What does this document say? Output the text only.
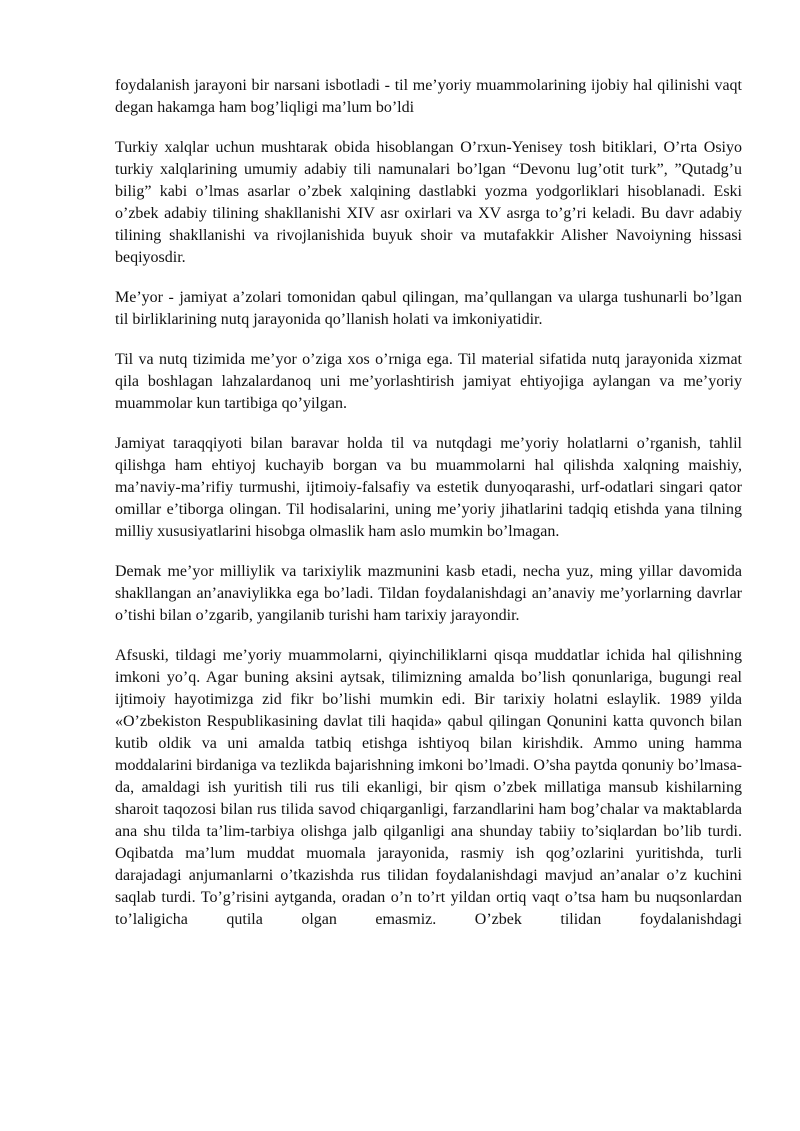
foydalanish jarayoni bir narsani isbotladi - til me’yoriy muammolarining ijobiy hal qilinishi vaqt degan hakamga ham bog’liqligi ma’lum bo’ldi

Turkiy xalqlar uchun mushtarak obida hisoblangan O’rxun-Yenisey tosh bitiklari, O’rta Osiyo turkiy xalqlarining umumiy adabiy tili namunalari bo’lgan “Devonu lug’otit turk”, ”Qutadg’u bilig” kabi o’lmas asarlar o’zbek xalqining dastlabki yozma yodgorliklari hisoblanadi. Eski o’zbek adabiy tilining shakllanishi XIV asr oxirlari va XV asrga to’g’ri keladi. Bu davr adabiy tilining shakllanishi va rivojlanishida buyuk shoir va mutafakkir Alisher Navoiyning hissasi beqiyosdir.

Me’yor - jamiyat a’zolari tomonidan qabul qilingan, ma’qullangan va ularga tushunarli bo’lgan til birliklarining nutq jarayonida qo’llanish holati va imkoniyatidir.

Til va nutq tizimida me’yor o’ziga xos o’rniga ega. Til material sifatida nutq jarayonida xizmat qila boshlagan lahzalardanoq uni me’yorlashtirish jamiyat ehtiyojiga aylangan va me’yoriy muammolar kun tartibiga qo’yilgan.

Jamiyat taraqqiyoti bilan baravar holda til va nutqdagi me’yoriy holatlarni o’rganish, tahlil qilishga ham ehtiyoj kuchayib borgan va bu muammolarni hal qilishda xalqning maishiy, ma’naviy-ma’rifiy turmushi, ijtimoiy-falsafiy va estetik dunyoqarashi, urf-odatlari singari qator omillar e’tiborga olingan. Til hodisalarini, uning me’yoriy jihatlarini tadqiq etishda yana tilning milliy xususiyatlarini hisobga olmaslik ham aslo mumkin bo’lmagan.

Demak me’yor milliylik va tarixiylik mazmunini kasb etadi, necha yuz, ming yillar davomida shakllangan an’anaviylikka ega bo’ladi. Tildan foydalanishdagi an’anaviy me’yorlarning davrlar o’tishi bilan o’zgarib, yangilanib turishi ham tarixiy jarayondir.

Afsuski, tildagi me’yoriy muammolarni, qiyinchiliklarni qisqa muddatlar ichida hal qilishning imkoni yo’q. Agar buning aksini aytsak, tilimizning amalda bo’lish qonunlariga, bugungi real ijtimoiy hayotimizga zid fikr bo’lishi mumkin edi. Bir tarixiy holatni eslaylik. 1989 yilda «O’zbekiston Respublikasining davlat tili haqida» qabul qilingan Qonunini katta quvonch bilan kutib oldik va uni amalda tatbiq etishga ishtiyoq bilan kirishdik. Ammo uning hamma moddalarini birdaniga va tezlikda bajarishning imkoni bo’lmadi. O’sha paytda qonuniy bo’lmasa-da, amaldagi ish yuritish tili rus tili ekanligi, bir qism o’zbek millatiga mansub kishilarning sharoit taqozosi bilan rus tilida savod chiqarganligi, farzandlarini ham bog’chalar va maktablarda ana shu tilda ta’lim-tarbiya olishga jalb qilganligi ana shunday tabiiy to’siqlardan bo’lib turdi. Oqibatda ma’lum muddat muomala jarayonida, rasmiy ish qog’ozlarini yuritishda, turli darajadagi anjumanlarni o’tkazishda rus tilidan foydalanishdagi mavjud an’analar o’z kuchini saqlab turdi. To’g’risini aytganda, oradan o’n to’rt yildan ortiq vaqt o’tsa ham bu nuqsonlardan to’laligicha qutila olgan emasmiz. O’zbek tilidan foydalanishdagi
